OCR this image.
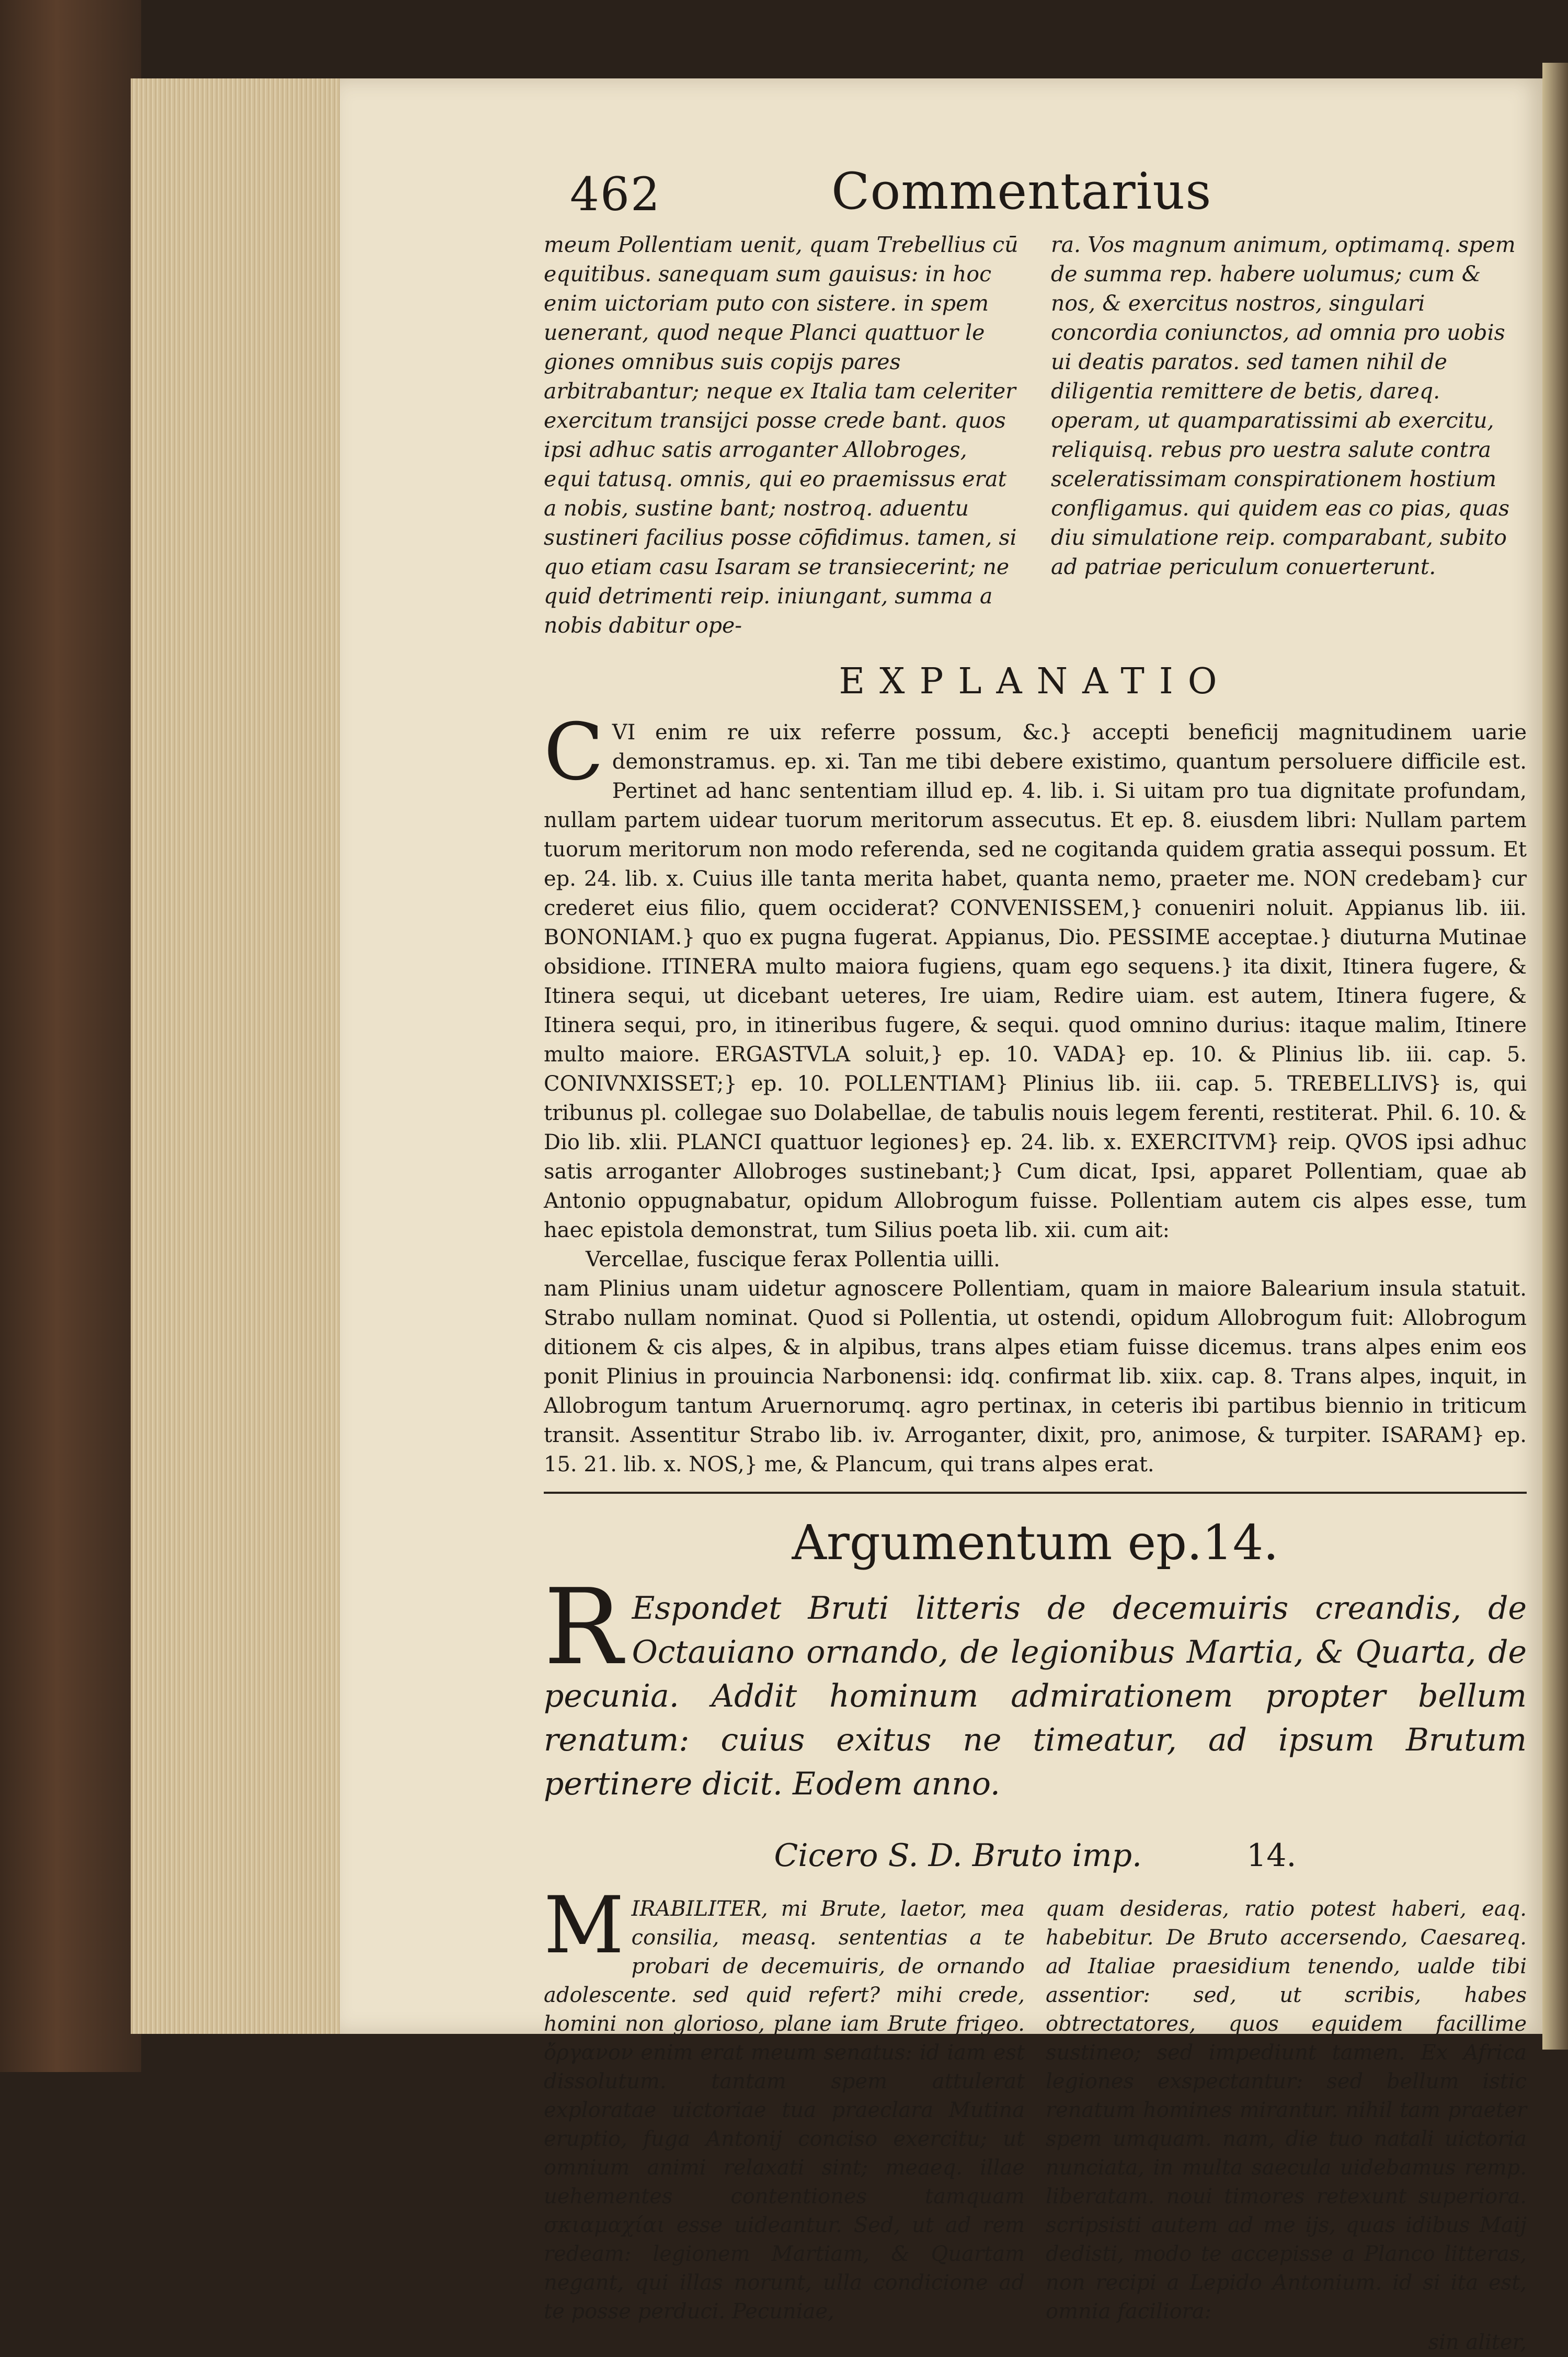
462	Commentarius

meum Pollentiam uenit, quam Trebellius cū equitibus. sanequam sum gauisus: in hoc enim uictoriam puto con sistere. in spem uenerant, quod neque Planci quattuor le giones omnibus suis copijs pares arbitrabantur; neque ex Italia tam celeriter exercitum transijci posse crede bant. quos ipsi adhuc satis arroganter Allobroges, equi tatusq. omnis, qui eo praemissus erat a nobis, sustine bant; nostroq. aduentu sustineri facilius posse cōfidimus. tamen, si quo etiam casu Isaram se transiecerint; ne quid detrimenti reip. iniungant, summa a nobis dabitur ope-

ra. Vos magnum animum, optimamq. spem de summa rep. habere uolumus; cum & nos, & exercitus nostros, singulari concordia coniunctos, ad omnia pro uobis ui deatis paratos. sed tamen nihil de diligentia remittere de betis, dareq. operam, ut quamparatissimi ab exercitu, reliquisq. rebus pro uestra salute contra sceleratissimam conspirationem hostium confligamus. qui quidem eas co pias, quas diu simulatione reip. comparabant, subito ad patriae periculum conuerterunt.

EXPLANATIO

CVI enim re uix referre possum, &c.} accepti beneficij magnitudinem uarie demonstramus. ep. xi. Tan me tibi debere existimo, quantum persoluere difficile est. Pertinet ad hanc sententiam illud ep. 4. lib. i. Si uitam pro tua dignitate profundam, nullam partem uidear tuorum meritorum assecutus. Et ep. 8. eiusdem libri: Nullam partem tuorum meritorum non modo referenda, sed ne cogitanda quidem gratia assequi possum. Et ep. 24. lib. x. Cuius ille tanta merita habet, quanta nemo, praeter me. NON credebam} cur crederet eius filio, quem occiderat? CONVENISSEM,} conueniri noluit. Appianus lib. iii. BONONIAM.} quo ex pugna fugerat. Appianus, Dio. PESSIME acceptae.} diuturna Mutinae obsidione. ITINERA multo maiora fugiens, quam ego sequens.} ita dixit, Itinera fugere, & Itinera sequi, ut dicebant ueteres, Ire uiam, Redire uiam. est autem, Itinera fugere, & Itinera sequi, pro, in itineribus fugere, & sequi. quod omnino durius: itaque malim, Itinere multo maiore. ERGASTVLA soluit,} ep. 10. VADA} ep. 10. & Plinius lib. iii. cap. 5. CONIVNXISSET;} ep. 10. POLLENTIAM} Plinius lib. iii. cap. 5. TREBELLIVS} is, qui tribunus pl. collegae suo Dolabellae, de tabulis nouis legem ferenti, restiterat. Phil. 6. 10. & Dio lib. xlii. PLANCI quattuor legiones} ep. 24. lib. x. EXERCITVM} reip. QVOS ipsi adhuc satis arroganter Allobroges sustinebant;} Cum dicat, Ipsi, apparet Pollentiam, quae ab Antonio oppugnabatur, opidum Allobrogum fuisse. Pollentiam autem cis alpes esse, tum haec epistola demonstrat, tum Silius poeta lib. xii. cum ait:

Vercellae, fuscique ferax Pollentia uilli.

nam Plinius unam uidetur agnoscere Pollentiam, quam in maiore Balearium insula statuit. Strabo nullam nominat. Quod si Pollentia, ut ostendi, opidum Allobrogum fuit: Allobrogum ditionem & cis alpes, & in alpibus, trans alpes etiam fuisse dicemus. trans alpes enim eos ponit Plinius in prouincia Narbonensi: idq. confirmat lib. xiix. cap. 8. Trans alpes, inquit, in Allobrogum tantum Aruernorumq. agro pertinax, in ceteris ibi partibus biennio in triticum transit. Assentitur Strabo lib. iv. Arroganter, dixit, pro, animose, & turpiter. ISARAM} ep. 15. 21. lib. x. NOS,} me, & Plancum, qui trans alpes erat.

Argumentum ep.14.

R Espondet Bruti litteris de decemuiris creandis, de Octauiano ornando, de legionibus Martia, & Quarta, de pecunia. Addit hominum admirationem propter bellum renatum: cuius exitus ne timeatur, ad ipsum Brutum pertinere dicit. Eodem anno.

Cicero S. D. Bruto imp.	14.

MIRABILITER, mi Brute, laetor, mea consilia, measq. sententias a te probari de decemuiris, de ornando adolescente. sed quid refert? mihi crede, homini non glorioso, plane iam Brute frigeo. ὄργανον enim erat meum senatus: id iam est dissolutum. tantam spem attulerat exploratae uictoriae tua praeclara Mutina eruptio, fuga Antonij conciso exercitu; ut omnium animi relaxati sint; meaeq. illae uehementes contentiones tamquam σκιαμαχίαι esse uideantur. Sed, ut ad rem redeam: legionem Martiam, & Quartam negant, qui illas norunt, ulla condicione ad te posse perduci. Pecuniae,

quam desideras, ratio potest haberi, eaq. habebitur. De Bruto accersendo, Caesareq. ad Italiae praesidium tenendo, ualde tibi assentior: sed, ut scribis, habes obtrectatores, quos equidem facillime sustineo; sed impediunt tamen. Ex Africa legiones exspectantur: sed bellum istic renatum homines mirantur. nihil tam praeter spem umquam. nam, die tuo natali uictoria nunciata, in multa saecula uidebamus remp. liberatam. noui timores retexunt superiora. scripsisti autem ad me ijs, quas idibus Maij dedisti, modo te accepisse a Planco litteras, non recipi a Lepido Antonium. id si ita est, omnia faciliora:

sin aliter,
